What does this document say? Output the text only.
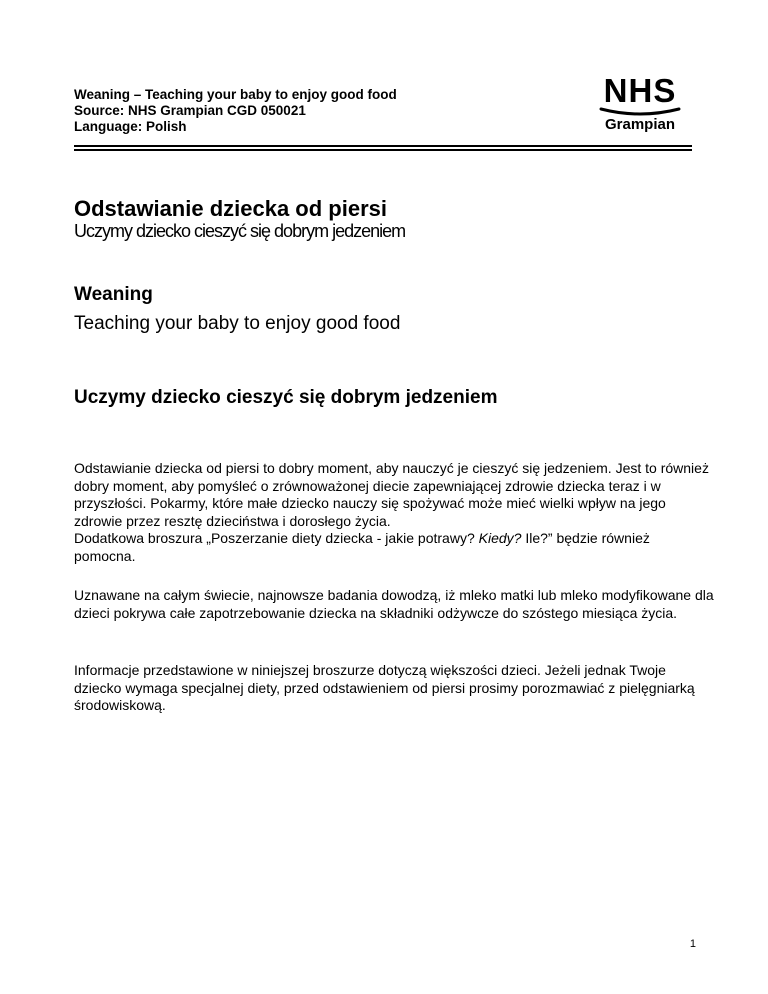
Weaning – Teaching your baby to enjoy good food
Source: NHS Grampian CGD 050021
Language: Polish
NHS
Grampian
Odstawianie dziecka od piersi
Uczymy dziecko cieszyć się dobrym jedzeniem
Weaning
Teaching your baby to enjoy good food
Uczymy dziecko cieszyć się dobrym jedzeniem

Odstawianie dziecka od piersi to dobry moment, aby nauczyć je cieszyć się jedzeniem. Jest to również dobry moment, aby pomyśleć o zrównoważonej diecie zapewniającej zdrowie dziecka teraz i w przyszłości. Pokarmy, które małe dziecko nauczy się spożywać może mieć wielki wpływ na jego zdrowie przez resztę dzieciństwa i dorosłego życia.

Dodatkowa broszura „Poszerzanie diety dziecka - jakie potrawy? Kiedy? Ile?” będzie również pomocna.

Uznawane na całym świecie, najnowsze badania dowodzą, iż mleko matki lub mleko modyfikowane dla dzieci pokrywa całe zapotrzebowanie dziecka na składniki odżywcze do szóstego miesiąca życia.

Informacje przedstawione w niniejszej broszurze dotyczą większości dzieci. Jeżeli jednak Twoje dziecko wymaga specjalnej diety, przed odstawieniem od piersi prosimy porozmawiać z pielęgniarką środowiskową.

1
